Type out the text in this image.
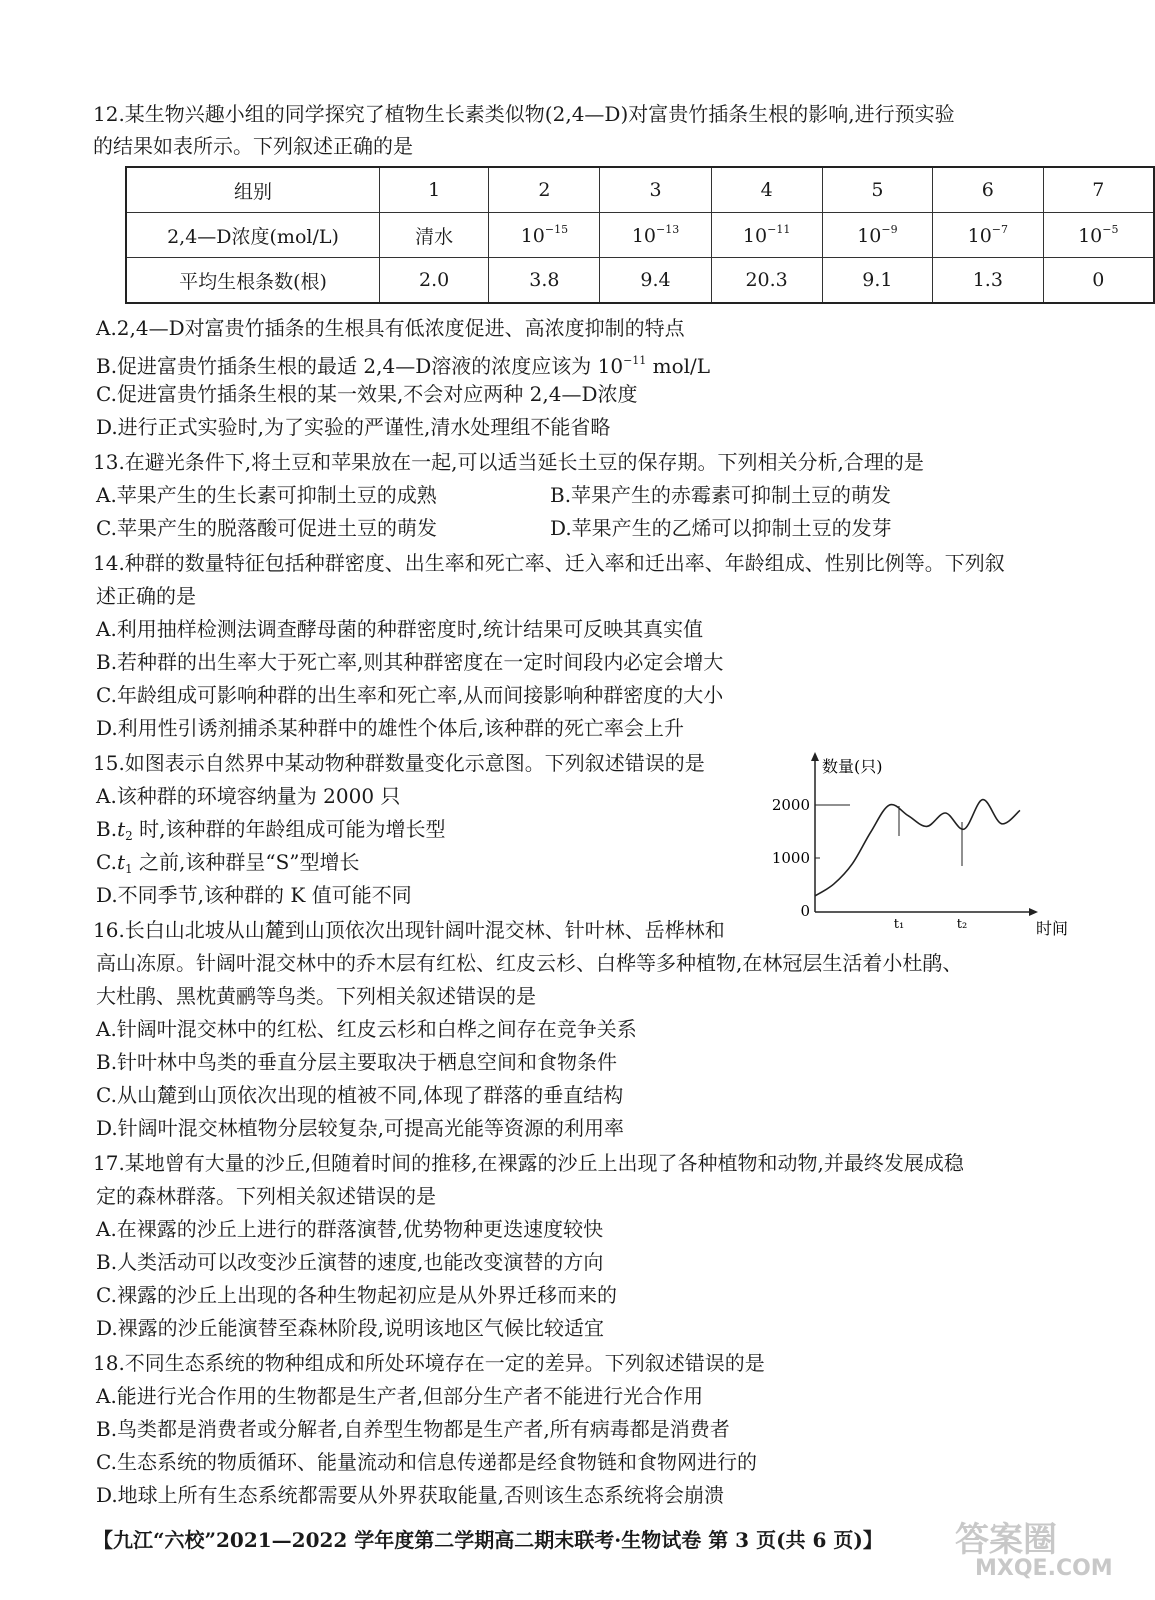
12.某生物兴趣小组的同学探究了植物生长素类似物(2,4—D)对富贵竹插条生根的影响,进行预实验
的结果如表所示。下列叙述正确的是
组别	1	2	3	4	5	6	7
2,4—D浓度(mol/L)	清水	$10^{-15}$	$10^{-13}$	$10^{-11}$	$10^{-9}$	$10^{-7}$	$10^{-5}$
平均生根条数(根)	2.0	3.8	9.4	20.3	9.1	1.3	0
A.2,4—D对富贵竹插条的生根具有低浓度促进、高浓度抑制的特点
B.促进富贵竹插条生根的最适 2,4—D溶液的浓度应该为 $10^{-11}$ mol/L
C.促进富贵竹插条生根的某一效果,不会对应两种 2,4—D浓度
D.进行正式实验时,为了实验的严谨性,清水处理组不能省略
13.在避光条件下,将土豆和苹果放在一起,可以适当延长土豆的保存期。下列相关分析,合理的是
A.苹果产生的生长素可抑制土豆的成熟	B.苹果产生的赤霉素可抑制土豆的萌发
C.苹果产生的脱落酸可促进土豆的萌发	D.苹果产生的乙烯可以抑制土豆的发芽
14.种群的数量特征包括种群密度、出生率和死亡率、迁入率和迁出率、年龄组成、性别比例等。下列叙
述正确的是
A.利用抽样检测法调查酵母菌的种群密度时,统计结果可反映其真实值
B.若种群的出生率大于死亡率,则其种群密度在一定时间段内必定会增大
C.年龄组成可影响种群的出生率和死亡率,从而间接影响种群密度的大小
D.利用性引诱剂捕杀某种群中的雄性个体后,该种群的死亡率会上升
15.如图表示自然界中某动物种群数量变化示意图。下列叙述错误的是
A.该种群的环境容纳量为 2000 只
$B.t_2$ 时,该种群的年龄组成可能为增长型
$C.t_1$ 之前,该种群呈“S”型增长
D.不同季节,该种群的 K 值可能不同
数量(只)
时间
2000
1000
0
t₁	t₂
16.长白山北坡从山麓到山顶依次出现针阔叶混交林、针叶林、岳桦林和
高山冻原。针阔叶混交林中的乔木层有红松、红皮云杉、白桦等多种植物,在林冠层生活着小杜鹃、
大杜鹃、黑枕黄鹂等鸟类。下列相关叙述错误的是
A.针阔叶混交林中的红松、红皮云杉和白桦之间存在竞争关系
B.针叶林中鸟类的垂直分层主要取决于栖息空间和食物条件
C.从山麓到山顶依次出现的植被不同,体现了群落的垂直结构
D.针阔叶混交林植物分层较复杂,可提高光能等资源的利用率
17.某地曾有大量的沙丘,但随着时间的推移,在裸露的沙丘上出现了各种植物和动物,并最终发展成稳
定的森林群落。下列相关叙述错误的是
A.在裸露的沙丘上进行的群落演替,优势物种更迭速度较快
B.人类活动可以改变沙丘演替的速度,也能改变演替的方向
C.裸露的沙丘上出现的各种生物起初应是从外界迁移而来的
D.裸露的沙丘能演替至森林阶段,说明该地区气候比较适宜
18.不同生态系统的物种组成和所处环境存在一定的差异。下列叙述错误的是
A.能进行光合作用的生物都是生产者,但部分生产者不能进行光合作用
B.鸟类都是消费者或分解者,自养型生物都是生产者,所有病毒都是消费者
C.生态系统的物质循环、能量流动和信息传递都是经食物链和食物网进行的
D.地球上所有生态系统都需要从外界获取能量,否则该生态系统将会崩溃
【九江“六校”2021—2022 学年度第二学期高二期末联考·生物试卷 第 3 页(共 6 页)】 答案圈
MXQE.COM
